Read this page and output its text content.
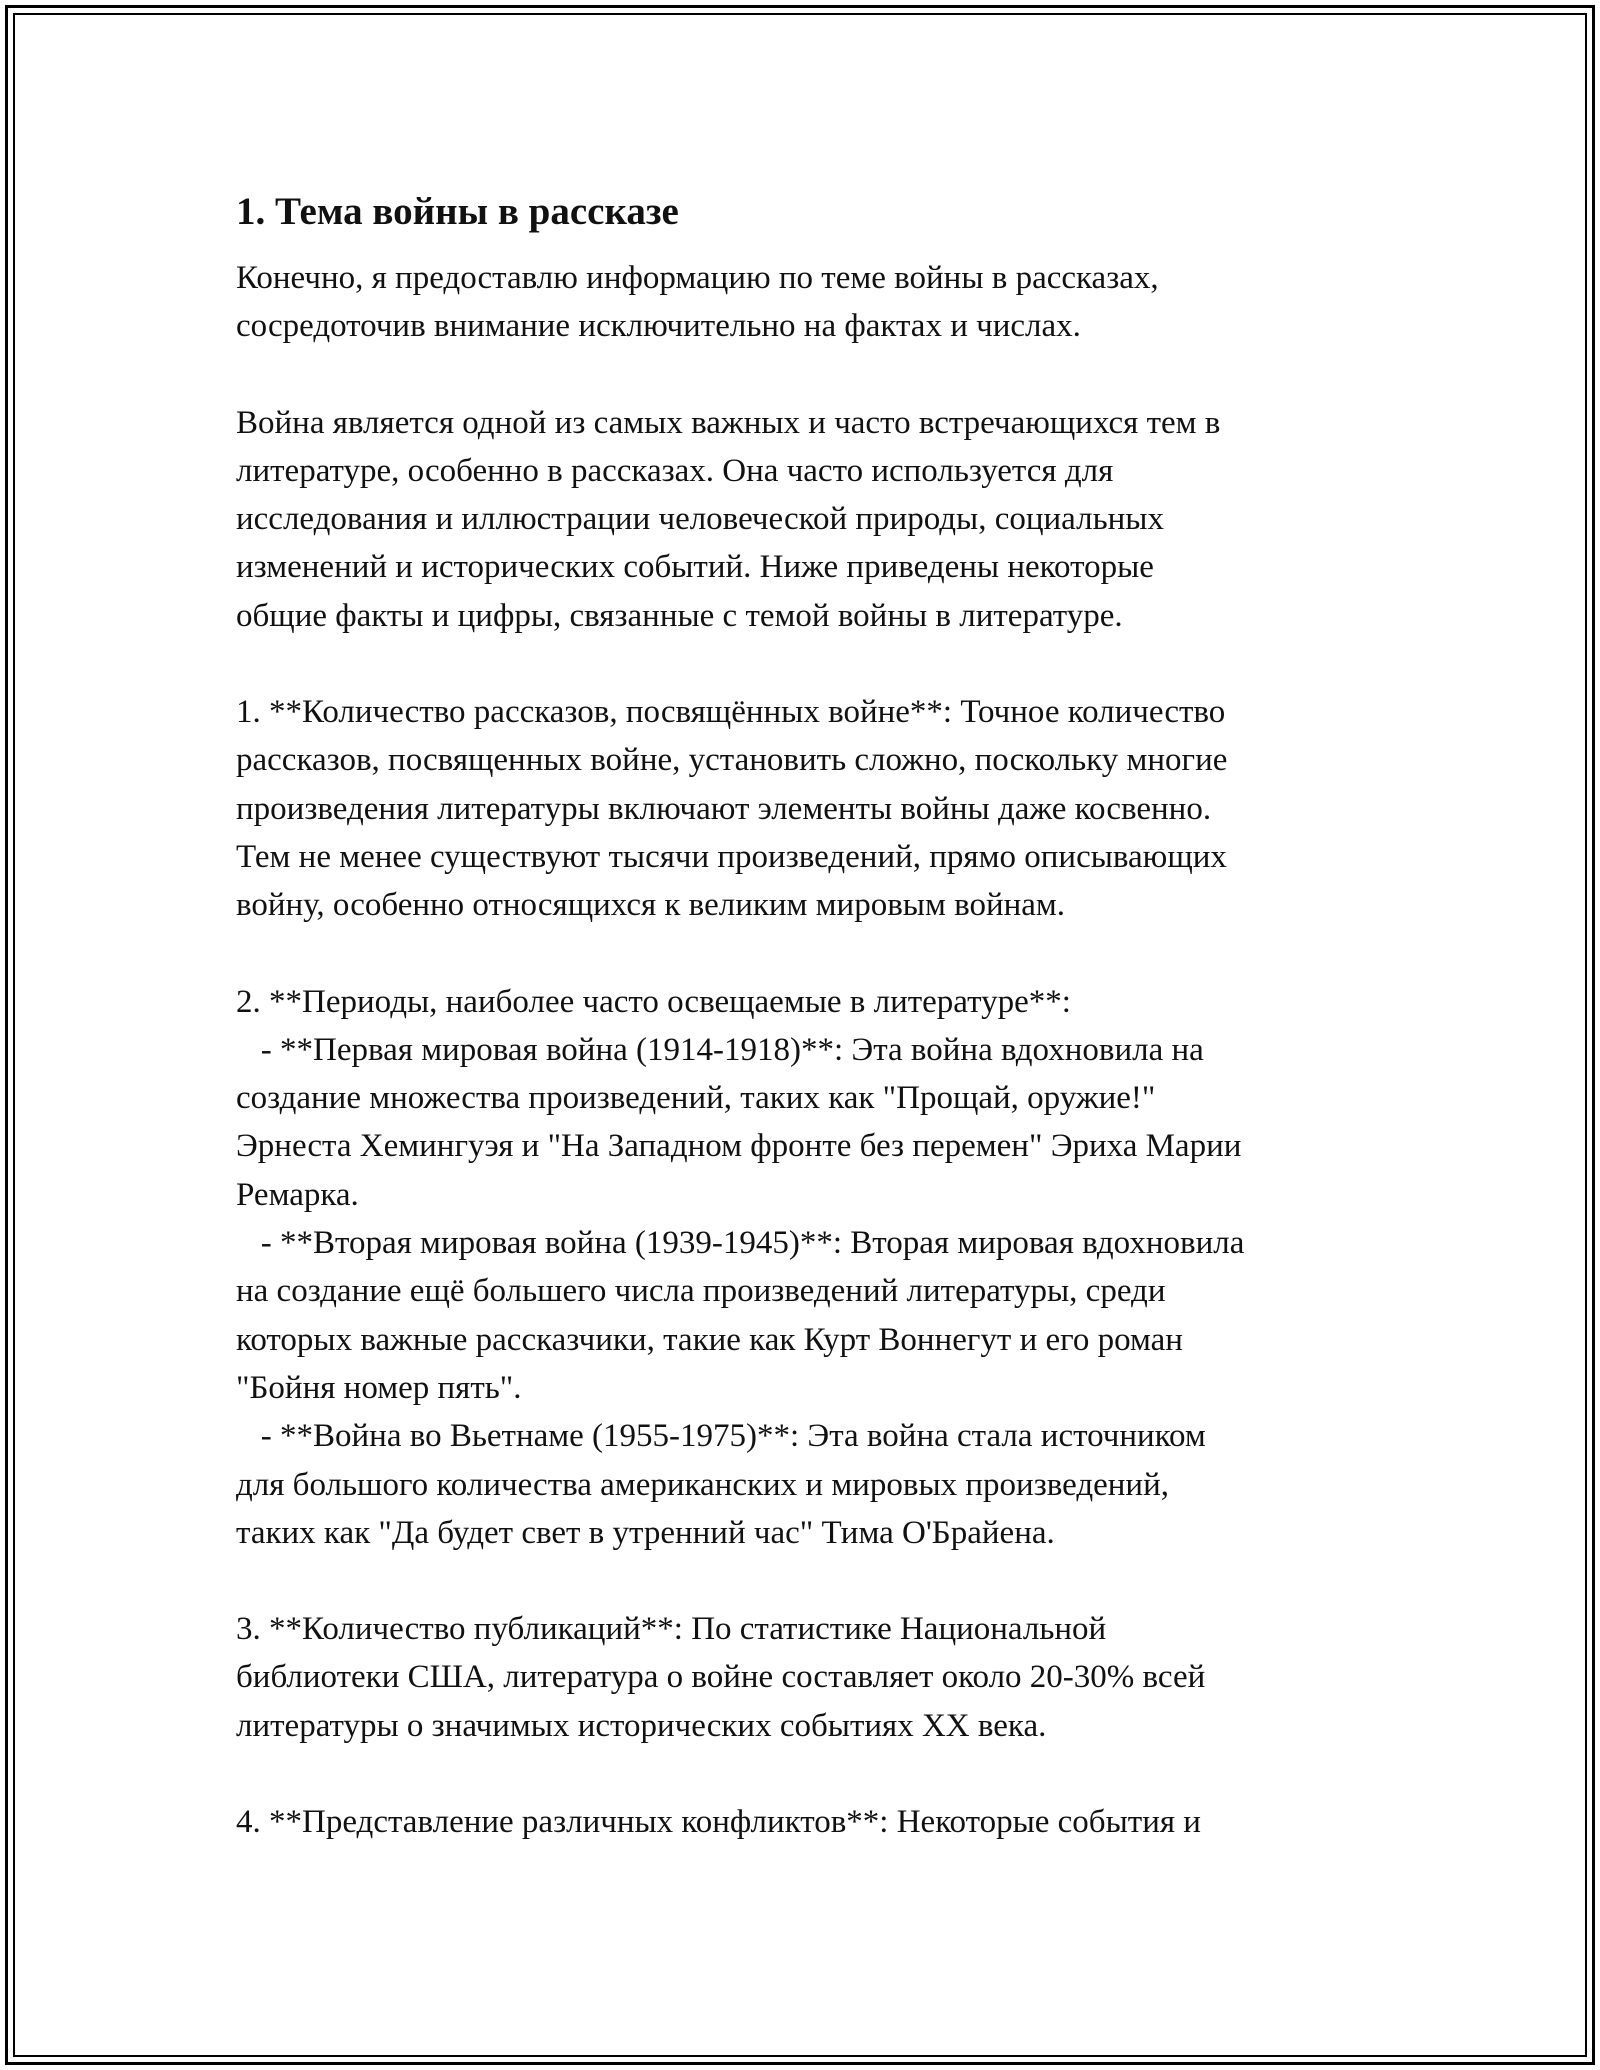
1. Тема войны в рассказе
Конечно, я предоставлю информацию по теме войны в рассказах,
сосредоточив внимание исключительно на фактах и числах.
Война является одной из самых важных и часто встречающихся тем в
литературе, особенно в рассказах. Она часто используется для
исследования и иллюстрации человеческой природы, социальных
изменений и исторических событий. Ниже приведены некоторые
общие факты и цифры, связанные с темой войны в литературе.
1. **Количество рассказов, посвящённых войне**: Точное количество
рассказов, посвященных войне, установить сложно, поскольку многие
произведения литературы включают элементы войны даже косвенно.
Тем не менее существуют тысячи произведений, прямо описывающих
войну, особенно относящихся к великим мировым войнам.
2. **Периоды, наиболее часто освещаемые в литературе**:
- **Первая мировая война (1914-1918)**: Эта война вдохновила на
создание множества произведений, таких как "Прощай, оружие!"
Эрнеста Хемингуэя и "На Западном фронте без перемен" Эриха Марии
Ремарка.
- **Вторая мировая война (1939-1945)**: Вторая мировая вдохновила
на создание ещё большего числа произведений литературы, среди
которых важные рассказчики, такие как Курт Воннегут и его роман
"Бойня номер пять".
- **Война во Вьетнаме (1955-1975)**: Эта война стала источником
для большого количества американских и мировых произведений,
таких как "Да будет свет в утренний час" Тима О'Брайена.
3. **Количество публикаций**: По статистике Национальной
библиотеки США, литература о войне составляет около 20-30% всей
литературы о значимых исторических событиях XX века.
4. **Представление различных конфликтов**: Некоторые события и
